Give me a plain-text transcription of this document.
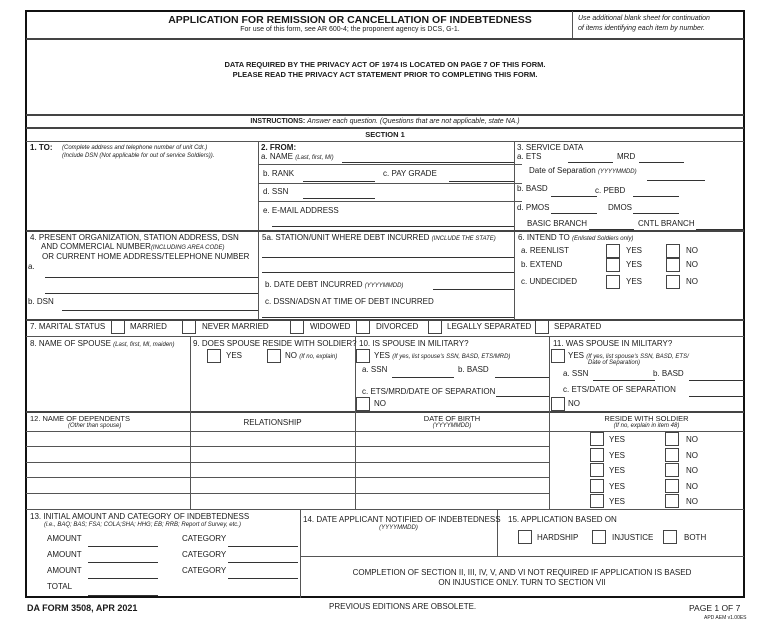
APPLICATION FOR REMISSION OR CANCELLATION OF INDEBTEDNESS
For use of this form, see AR 600-4; the proponent agency is DCS, G-1.
Use additional blank sheet for continuation
of items identifying each item by number.
DATA REQUIRED BY THE PRIVACY ACT OF 1974 IS LOCATED ON PAGE 7 OF THIS FORM.
PLEASE READ THE PRIVACY ACT STATEMENT PRIOR TO COMPLETING THIS FORM.
INSTRUCTIONS: Answer each question. (Questions that are not applicable, state NA.)
SECTION 1
1. TO: (Complete address and telephone number of unit Cdr.)
(Include DSN (Not applicable for out of service Soldiers)).
2. FROM:
a. NAME (Last, first, MI)
b. RANK	c. PAY GRADE
d. SSN
e. E-MAIL ADDRESS
3. SERVICE DATA
a. ETS	MRD
Date of Separation (YYYYMMDD)
b. BASD	c. PEBD
d. PMOS	DMOS
BASIC BRANCH	CNTL BRANCH
4. PRESENT ORGANIZATION, STATION ADDRESS, DSN
AND COMMERCIAL NUMBER(INCLUDING AREA CODE)
OR CURRENT HOME ADDRESS/TELEPHONE NUMBER
a.
b. DSN
5a. STATION/UNIT WHERE DEBT INCURRED (INCLUDE THE STATE)
b. DATE DEBT INCURRED (YYYYMMDD)
c. DSSN/ADSN AT TIME OF DEBT INCURRED
6. INTEND TO (Enlisted Soldiers only)
a. REENLIST	YES	NO
b. EXTEND	YES	NO
c. UNDECIDED	YES	NO
7. MARITAL STATUS	MARRIED	NEVER MARRIED	WIDOWED	DIVORCED	LEGALLY SEPARATED	SEPARATED
8. NAME OF SPOUSE (Last, first, MI, maiden) 9. DOES SPOUSE RESIDE WITH SOLDIER?
YES	NO (If no, explain)
10. IS SPOUSE IN MILITARY?
YES (If yes, list spouse's SSN, BASD, ETS/MRD)
a. SSN	b. BASD
c. ETS/MRD/DATE OF SEPARATION
NO
11. WAS SPOUSE IN MILITARY?
YES (If yes, list spouse's SSN, BASD, ETS/
Date of Separation)
a. SSN	b. BASD
c. ETS/DATE OF SEPARATION
NO
12. NAME OF DEPENDENTS
(Other than spouse)	RELATIONSHIP	DATE OF BIRTH
(YYYYMMDD)
RESIDE WITH SOLDIER
(If no, explain in item 48)
YES	NO
YES	NO
YES	NO
YES	NO
YES	NO
13. INITIAL AMOUNT AND CATEGORY OF INDEBTEDNESS
(i.e., BAQ; BAS; FSA; COLA;SHA; HHG; EB; RRB; Report of Survey, etc.)
AMOUNT	CATEGORY
AMOUNT	CATEGORY
AMOUNT	CATEGORY
TOTAL
14. DATE APPLICANT NOTIFIED OF INDEBTEDNESS
(YYYYMMDD)
15. APPLICATION BASED ON
HARDSHIP	INJUSTICE	BOTH
COMPLETION OF SECTION II, III, IV, V, AND VI NOT REQUIRED IF APPLICATION IS BASED
ON INJUSTICE ONLY. TURN TO SECTION VII
DA FORM 3508, APR 2021	PREVIOUS EDITIONS ARE OBSOLETE.	PAGE 1 OF 7
APD AEM v1.00ES
